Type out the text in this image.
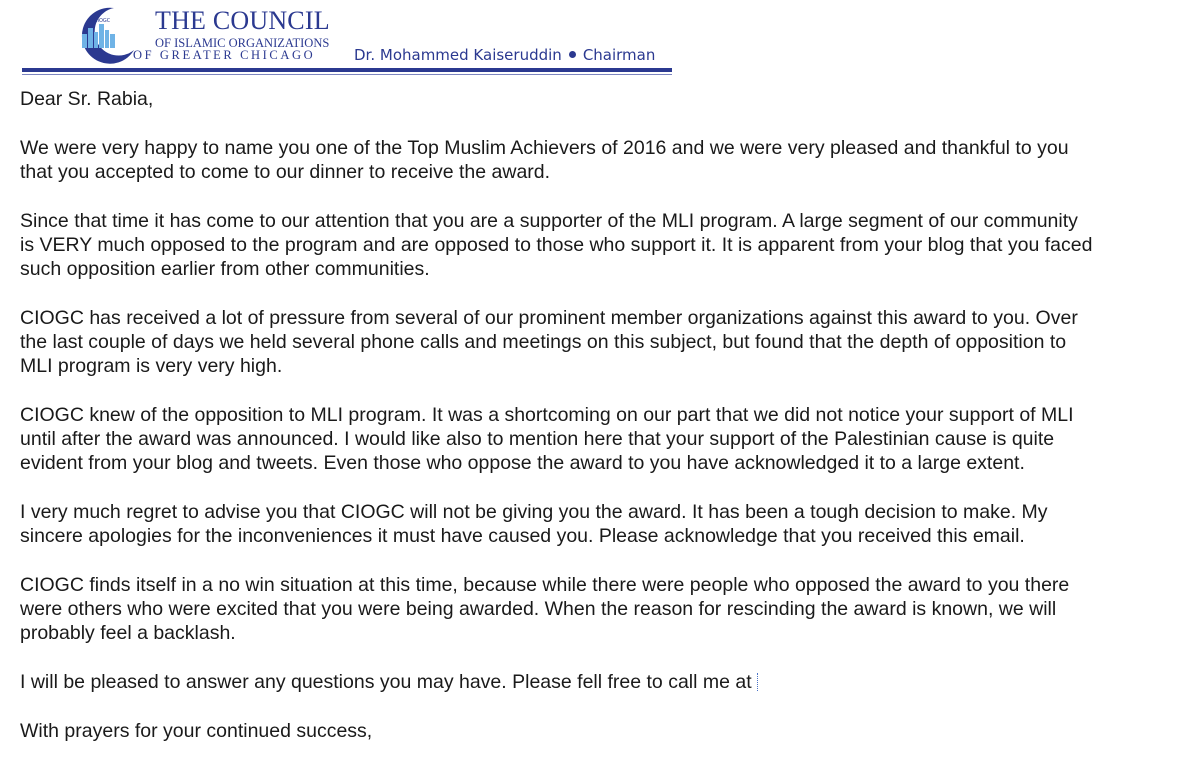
CIOGC THE COUNCIL
OF ISLAMIC ORGANIZATIONS
OF GREATER CHICAGO	Dr. Mohammed Kaiseruddin Chairman
Dear Sr. Rabia,
We were very happy to name you one of the Top Muslim Achievers of 2016 and we were very pleased and thankful to you
that you accepted to come to our dinner to receive the award.
Since that time it has come to our attention that you are a supporter of the MLI program. A large segment of our community
is VERY much opposed to the program and are opposed to those who support it. It is apparent from your blog that you faced
such opposition earlier from other communities.
CIOGC has received a lot of pressure from several of our prominent member organizations against this award to you. Over
the last couple of days we held several phone calls and meetings on this subject, but found that the depth of opposition to
MLI program is very very high.
CIOGC knew of the opposition to MLI program. It was a shortcoming on our part that we did not notice your support of MLI
until after the award was announced. I would like also to mention here that your support of the Palestinian cause is quite
evident from your blog and tweets. Even those who oppose the award to you have acknowledged it to a large extent.
I very much regret to advise you that CIOGC will not be giving you the award. It has been a tough decision to make. My
sincere apologies for the inconveniences it must have caused you. Please acknowledge that you received this email.
CIOGC finds itself in a no win situation at this time, because while there were people who opposed the award to you there
were others who were excited that you were being awarded. When the reason for rescinding the award is known, we will
probably feel a backlash.
I will be pleased to answer any questions you may have. Please fell free to call me at
With prayers for your continued success,
